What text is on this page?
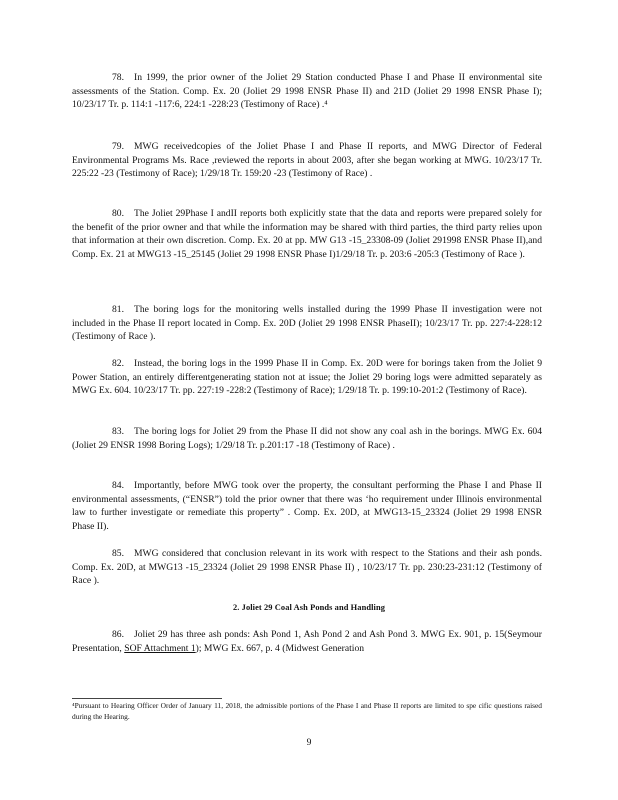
78. In 1999, the prior owner of the Joliet 29 Station conducted Phase I and Phase II environmental site assessments of the Station. Comp. Ex. 20 (Joliet 29 1998 ENSR Phase II) and 21D (Joliet 29 1998 ENSR Phase I); 10/23/17 Tr. p. 114:1 -117:6, 224:1 -228:23 (Testimony of Race) .⁴

79. MWG receivedcopies of the Joliet Phase I and Phase II reports, and MWG Director of Federal Environmental Programs Ms. Race ,reviewed the reports in about 2003, after she began working at MWG. 10/23/17 Tr. 225:22 -23 (Testimony of Race); 1/29/18 Tr. 159:20 -23 (Testimony of Race) .

80. The Joliet 29Phase I andII reports both explicitly state that the data and reports were prepared solely for the benefit of the prior owner and that while the information may be shared with third parties, the third party relies upon that information at their own discretion. Comp. Ex. 20 at pp. MW G13 -15_23308-09 (Joliet 291998 ENSR Phase II),and Comp. Ex. 21 at MWG13 -15_25145 (Joliet 29 1998 ENSR Phase I)1/29/18 Tr. p. 203:6 -205:3 (Testimony of Race ).

81. The boring logs for the monitoring wells installed during the 1999 Phase II investigation were not included in the Phase II report located in Comp. Ex. 20D (Joliet 29 1998 ENSR PhaseII); 10/23/17 Tr. pp. 227:4-228:12 (Testimony of Race ).

82. Instead, the boring logs in the 1999 Phase II in Comp. Ex. 20D were for borings taken from the Joliet 9 Power Station, an entirely differentgenerating station not at issue; the Joliet 29 boring logs were admitted separately as MWG Ex. 604. 10/23/17 Tr. pp. 227:19 -228:2 (Testimony of Race); 1/29/18 Tr. p. 199:10-201:2 (Testimony of Race).

83. The boring logs for Joliet 29 from the Phase II did not show any coal ash in the borings. MWG Ex. 604 (Joliet 29 ENSR 1998 Boring Logs); 1/29/18 Tr. p.201:17 -18 (Testimony of Race) .

84. Importantly, before MWG took over the property, the consultant performing the Phase I and Phase II environmental assessments, (“ENSR”) told the prior owner that there was ‘ho requirement under Illinois environmental law to further investigate or remediate this property” . Comp. Ex. 20D, at MWG13-15_23324 (Joliet 29 1998 ENSR Phase II).

85. MWG considered that conclusion relevant in its work with respect to the Stations and their ash ponds. Comp. Ex. 20D, at MWG13 -15_23324 (Joliet 29 1998 ENSR Phase II) , 10/23/17 Tr. pp. 230:23-231:12 (Testimony of Race ).

2. Joliet 29 Coal Ash Ponds and Handling

86. Joliet 29 has three ash ponds: Ash Pond 1, Ash Pond 2 and Ash Pond 3. MWG Ex. 901, p. 15(Seymour Presentation, SOF Attachment 1); MWG Ex. 667, p. 4 (Midwest Generation

⁴Pursuant to Hearing Officer Order of January 11, 2018, the admissible portions of the Phase I and Phase II reports are limited to spe cific questions raised during the Hearing.

9
